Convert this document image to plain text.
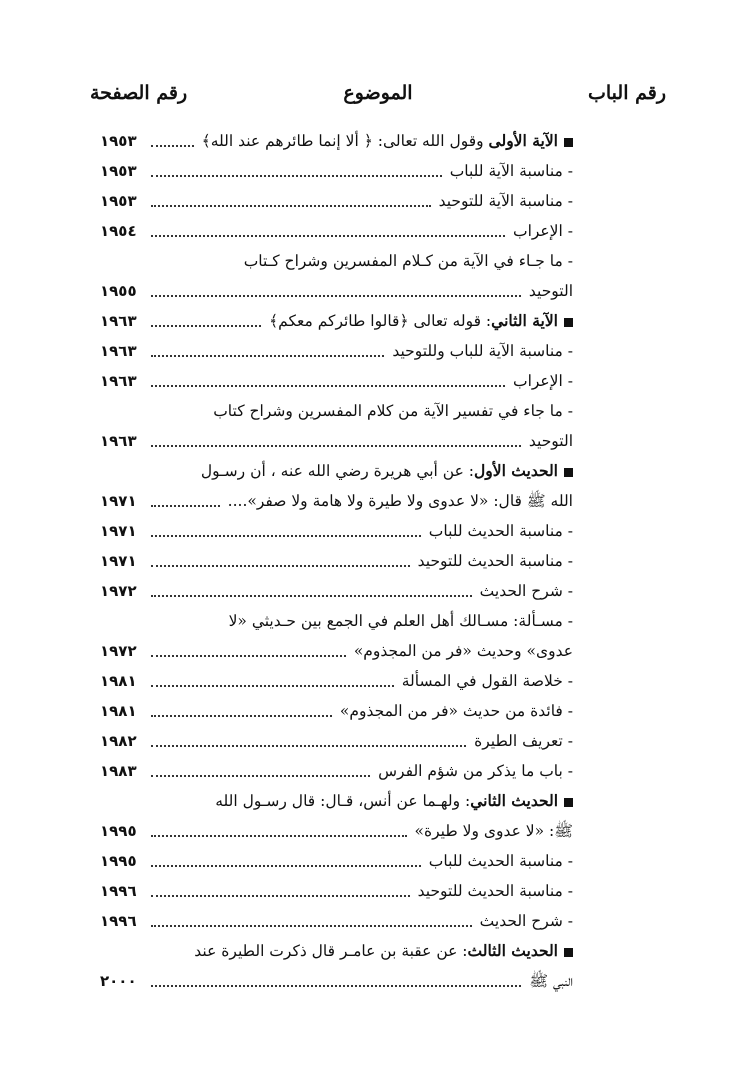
رقم الباب
الموضوع
رقم الصفحة
الآية الأولى وقول الله تعالى: ﴿ ألا إنما طائرهم عند الله﴾
١٩٥٣
- مناسبة الآية للباب
١٩٥٣
- مناسبة الآية للتوحيد
١٩٥٣
- الإعراب
١٩٥٤
- ما جـاء في الآية من كـلام المفسرين وشراح كـتاب
التوحيد
١٩٥٥
الآية الثاني: قوله تعالى ﴿قالوا طائركم معكم﴾
١٩٦٣
- مناسبة الآية للباب وللتوحيد
١٩٦٣
- الإعراب
١٩٦٣
- ما جاء في تفسير الآية من كلام المفسرين وشراح كتاب
التوحيد
١٩٦٣
الحديث الأول: عن أبي هريرة رضي الله عنه ، أن رسـول
الله ﷺ قال: «لا عدوى ولا طيرة ولا هامة ولا صفر»....
١٩٧١
- مناسبة الحديث للباب
١٩٧١
- مناسبة الحديث للتوحيد
١٩٧١
- شرح الحديث
١٩٧٢
- مسـألة: مسـالك أهل العلم في الجمع بين حـديثي «لا
عدوى» وحديث «فر من المجذوم»
١٩٧٢
- خلاصة القول في المسألة
١٩٨١
- فائدة من حديث «فر من المجذوم»
١٩٨١
- تعريف الطيرة
١٩٨٢
- باب ما يذكر من شؤم الفرس
١٩٨٣
الحديث الثاني: ولهـما عن أنس، قـال: قال رسـول الله
ﷺ: «لا عدوى ولا طيرة»
١٩٩٥
- مناسبة الحديث للباب
١٩٩٥
- مناسبة الحديث للتوحيد
١٩٩٦
- شرح الحديث
١٩٩٦
الحديث الثالث: عن عقبة بن عامـر قال ذكرت الطيرة عند
النبي ﷺ
٢٠٠٠
